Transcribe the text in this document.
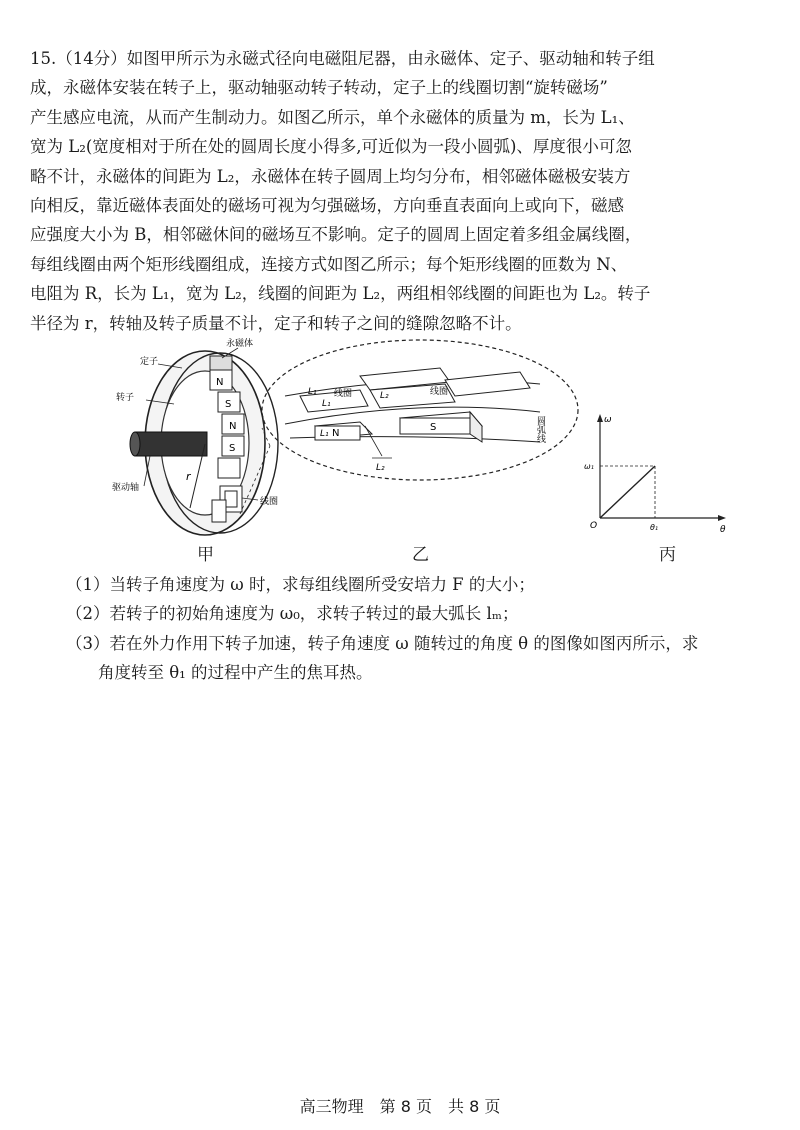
15.（14分）如图甲所示为永磁式径向电磁阻尼器，由永磁体、定子、驱动轴和转子组
成，永磁体安装在转子上，驱动轴驱动转子转动，定子上的线圈切割“旋转磁场”
产生感应电流，从而产生制动力。如图乙所示，单个永磁体的质量为 m，长为 L₁、
宽为 L₂(宽度相对于所在处的圆周长度小得多,可近似为一段小圆弧)、厚度很小可忽
略不计，永磁体的间距为 L₂，永磁体在转子圆周上均匀分布，相邻磁体磁极安装方
向相反，靠近磁体表面处的磁场可视为匀强磁场，方向垂直表面向上或向下，磁感
应强度大小为 B，相邻磁休间的磁场互不影响。定子的圆周上固定着多组金属线圈，
每组线圈由两个矩形线圈组成，连接方式如图乙所示；每个矩形线圈的匝数为 N、
电阻为 R，长为 L₁，宽为 L₂，线圈的间距为 L₂，两组相邻线圈的间距也为 L₂。转子
半径为 r，转轴及转子质量不计，定子和转子之间的缝隙忽略不计。
定子
永磁体
转子
驱动轴
线圈
r
N
S
N
S
L₁
L₁
L₁
L₂
L₂
线圈	线圈
圆弧线
N
S
ω
θ
O
ω₁
θ₁
甲	乙	丙
（1）当转子角速度为 ω 时，求每组线圈所受安培力 F 的大小；
（2）若转子的初始角速度为 ω₀，求转子转过的最大弧长 lₘ；
（3）若在外力作用下转子加速，转子角速度 ω 随转过的角度 θ 的图像如图丙所示，求
角度转至 θ₁ 的过程中产生的焦耳热。
高三物理　第 8 页　共 8 页
